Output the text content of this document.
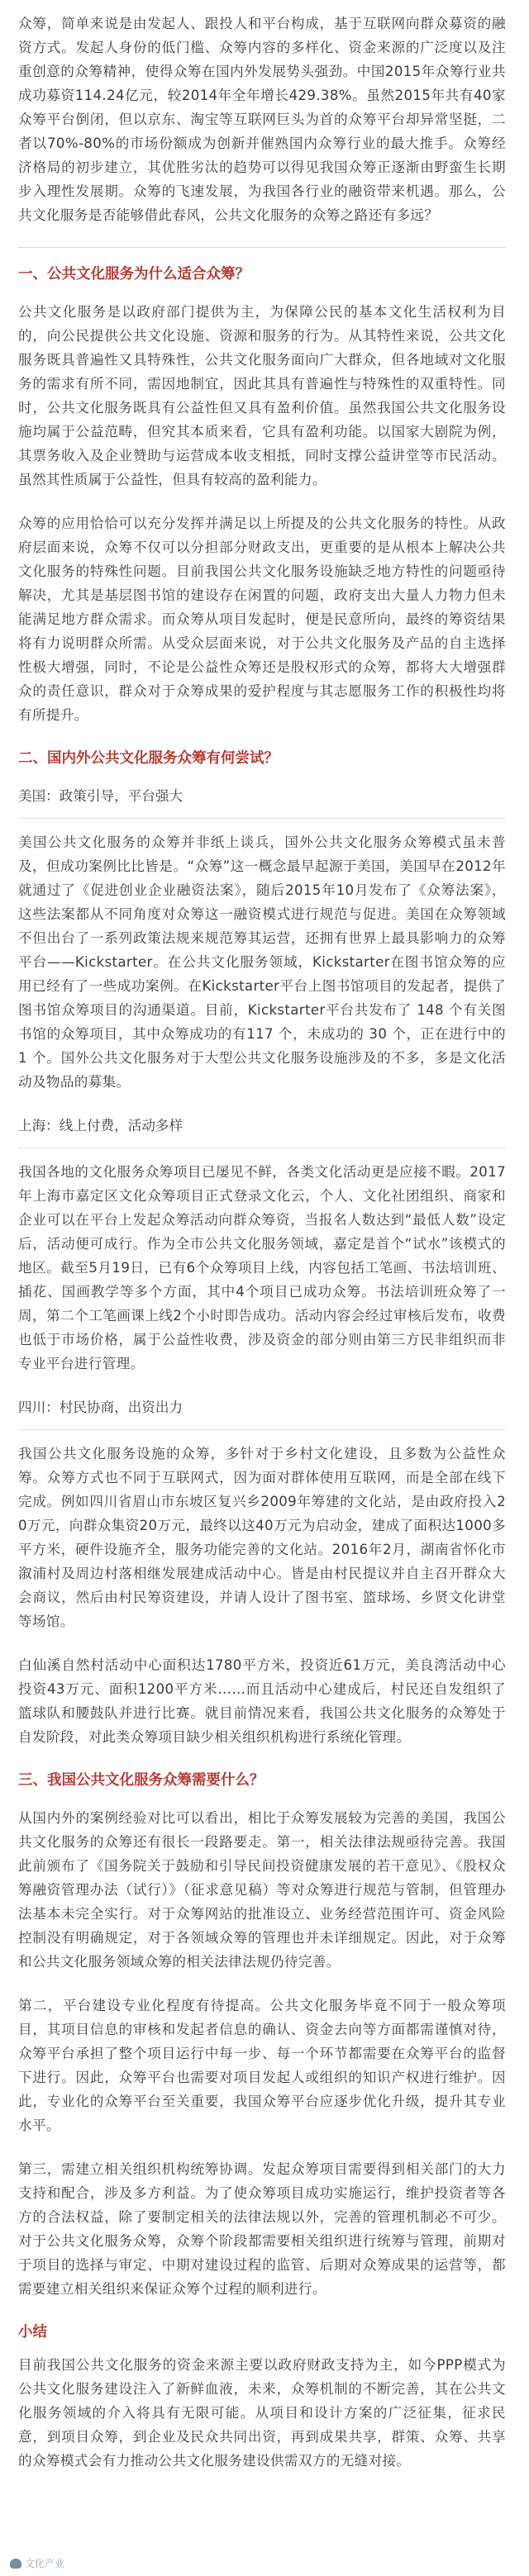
众筹，简单来说是由发起人、跟投人和平台构成，基于互联网向群众募资的融资方式。发起人身份的低门槛、众筹内容的多样化、资金来源的广泛度以及注重创意的众筹精神，使得众筹在国内外发展势头强劲。中国2015年众筹行业共成功募资114.24亿元，较2014年全年增长429.38%。虽然2015年共有40家众筹平台倒闭，但以京东、淘宝等互联网巨头为首的众筹平台却异常坚挺，二者以70%-80%的市场份额成为创新并催熟国内众筹行业的最大推手。众筹经济格局的初步建立，其优胜劣汰的趋势可以得见我国众筹正逐渐由野蛮生长期步入理性发展期。众筹的飞速发展，为我国各行业的融资带来机遇。那么，公共文化服务是否能够借此春风，公共文化服务的众筹之路还有多远？

一、公共文化服务为什么适合众筹？

公共文化服务是以政府部门提供为主，为保障公民的基本文化生活权利为目的，向公民提供公共文化设施、资源和服务的行为。从其特性来说，公共文化服务既具普遍性又具特殊性，公共文化服务面向广大群众，但各地域对文化服务的需求有所不同，需因地制宜，因此其具有普遍性与特殊性的双重特性。同时，公共文化服务既具有公益性但又具有盈利价值。虽然我国公共文化服务设施均属于公益范畴，但究其本质来看，它具有盈利功能。以国家大剧院为例，其票务收入及企业赞助与运营成本收支相抵，同时支撑公益讲堂等市民活动。虽然其性质属于公益性，但具有较高的盈利能力。

众筹的应用恰恰可以充分发挥并满足以上所提及的公共文化服务的特性。从政府层面来说，众筹不仅可以分担部分财政支出，更重要的是从根本上解决公共文化服务的特殊性问题。目前我国公共文化服务设施缺乏地方特性的问题亟待解决，尤其是基层图书馆的建设存在闲置的问题，政府支出大量人力物力但未能满足地方群众需求。而众筹从项目发起时，便是民意所向，最终的筹资结果将有力说明群众所需。从受众层面来说，对于公共文化服务及产品的自主选择性极大增强，同时，不论是公益性众筹还是股权形式的众筹，都将大大增强群众的责任意识，群众对于众筹成果的爱护程度与其志愿服务工作的积极性均将有所提升。

二、国内外公共文化服务众筹有何尝试？
美国：政策引导，平台强大

美国公共文化服务的众筹并非纸上谈兵，国外公共文化服务众筹模式虽未普及，但成功案例比比皆是。“众筹”这一概念最早起源于美国，美国早在2012年就通过了《促进创业企业融资法案》，随后2015年10月发布了《众筹法案》，这些法案都从不同角度对众筹这一融资模式进行规范与促进。美国在众筹领域不但出台了一系列政策法规来规范筹其运营，还拥有世界上最具影响力的众筹平台——Kickstarter。在公共文化服务领域，Kickstarter在图书馆众筹的应用已经有了一些成功案例。在Kickstarter平台上图书馆项目的发起者，提供了图书馆众筹项目的沟通渠道。目前，Kickstarter平台共发布了 148 个有关图书馆的众筹项目，其中众筹成功的有117 个，未成功的 30 个，正在进行中的 1 个。国外公共文化服务对于大型公共文化服务设施涉及的不多，多是文化活动及物品的募集。

上海：线上付费，活动多样

我国各地的文化服务众筹项目已屡见不鲜，各类文化活动更是应接不暇。2017年上海市嘉定区文化众筹项目正式登录文化云，个人、文化社团组织、商家和企业可以在平台上发起众筹活动向群众筹资，当报名人数达到“最低人数”设定后，活动便可成行。作为全市公共文化服务领域，嘉定是首个“试水”该模式的地区。截至5月19日，已有6个众筹项目上线，内容包括工笔画、书法培训班、插花、国画教学等多个方面，其中4个项目已成功众筹。书法培训班众筹了一周，第二个工笔画课上线2个小时即告成功。活动内容会经过审核后发布，收费也低于市场价格，属于公益性收费，涉及资金的部分则由第三方民非组织而非专业平台进行管理。

四川：村民协商，出资出力

我国公共文化服务设施的众筹，多针对于乡村文化建设，且多数为公益性众筹。众筹方式也不同于互联网式，因为面对群体使用互联网，而是全部在线下完成。例如四川省眉山市东坡区复兴乡2009年筹建的文化站，是由政府投入20万元，向群众集资20万元，最终以这40万元为启动金，建成了面积达1000多平方米，硬件设施齐全，服务功能完善的文化站。2016年2月，湖南省怀化市溆浦村及周边村落相继发展建成活动中心。皆是由村民提议并自主召开群众大会商议，然后由村民筹资建设，并请人设计了图书室、篮球场、乡贤文化讲堂等场馆。

白仙溪自然村活动中心面积达1780平方米，投资近61万元，美良湾活动中心投资43万元、面积1200平方米……而且活动中心建成后，村民还自发组织了篮球队和腰鼓队并进行比赛。就目前情况来看，我国公共文化服务的众筹处于自发阶段，对此类众筹项目缺少相关组织机构进行系统化管理。

三、我国公共文化服务众筹需要什么？

从国内外的案例经验对比可以看出，相比于众筹发展较为完善的美国，我国公共文化服务的众筹还有很长一段路要走。第一，相关法律法规亟待完善。我国此前颁布了《国务院关于鼓励和引导民间投资健康发展的若干意见》、《股权众筹融资管理办法（试行）》（征求意见稿）等对众筹进行规范与管制，但管理办法基本未完全实行。对于众筹网站的批准设立、业务经营范围许可、资金风险控制没有明确规定，对于各领域众筹的管理也并未详细规定。因此，对于众筹和公共文化服务领域众筹的相关法律法规仍待完善。

第二，平台建设专业化程度有待提高。公共文化服务毕竟不同于一般众筹项目，其项目信息的审核和发起者信息的确认、资金去向等方面都需谨慎对待，众筹平台承担了整个项目运行中每一步、每一个环节都需要在众筹平台的监督下进行。因此，众筹平台也需要对项目发起人或组织的知识产权进行维护。因此，专业化的众筹平台至关重要，我国众筹平台应逐步优化升级，提升其专业水平。

第三，需建立相关组织机构统筹协调。发起众筹项目需要得到相关部门的大力支持和配合，涉及多方利益。为了使众筹项目成功实施运行，维护投资者等各方的合法权益，除了要制定相关的法律法规以外，完善的管理机制必不可少。对于公共文化服务众筹，众筹个阶段都需要相关组织进行统筹与管理，前期对于项目的选择与审定、中期对建设过程的监管、后期对众筹成果的运营等，都需要建立相关组织来保证众筹个过程的顺利进行。

小结

目前我国公共文化服务的资金来源主要以政府财政支持为主，如今PPP模式为公共文化服务建设注入了新鲜血液，未来，众筹机制的不断完善，其在公共文化服务领域的介入将具有无限可能。从项目和设计方案的广泛征集，征求民意，到项目众筹，到企业及民众共同出资，再到成果共享，群策、众筹、共享的众筹模式会有力推动公共文化服务建设供需双方的无缝对接。

文化产业
